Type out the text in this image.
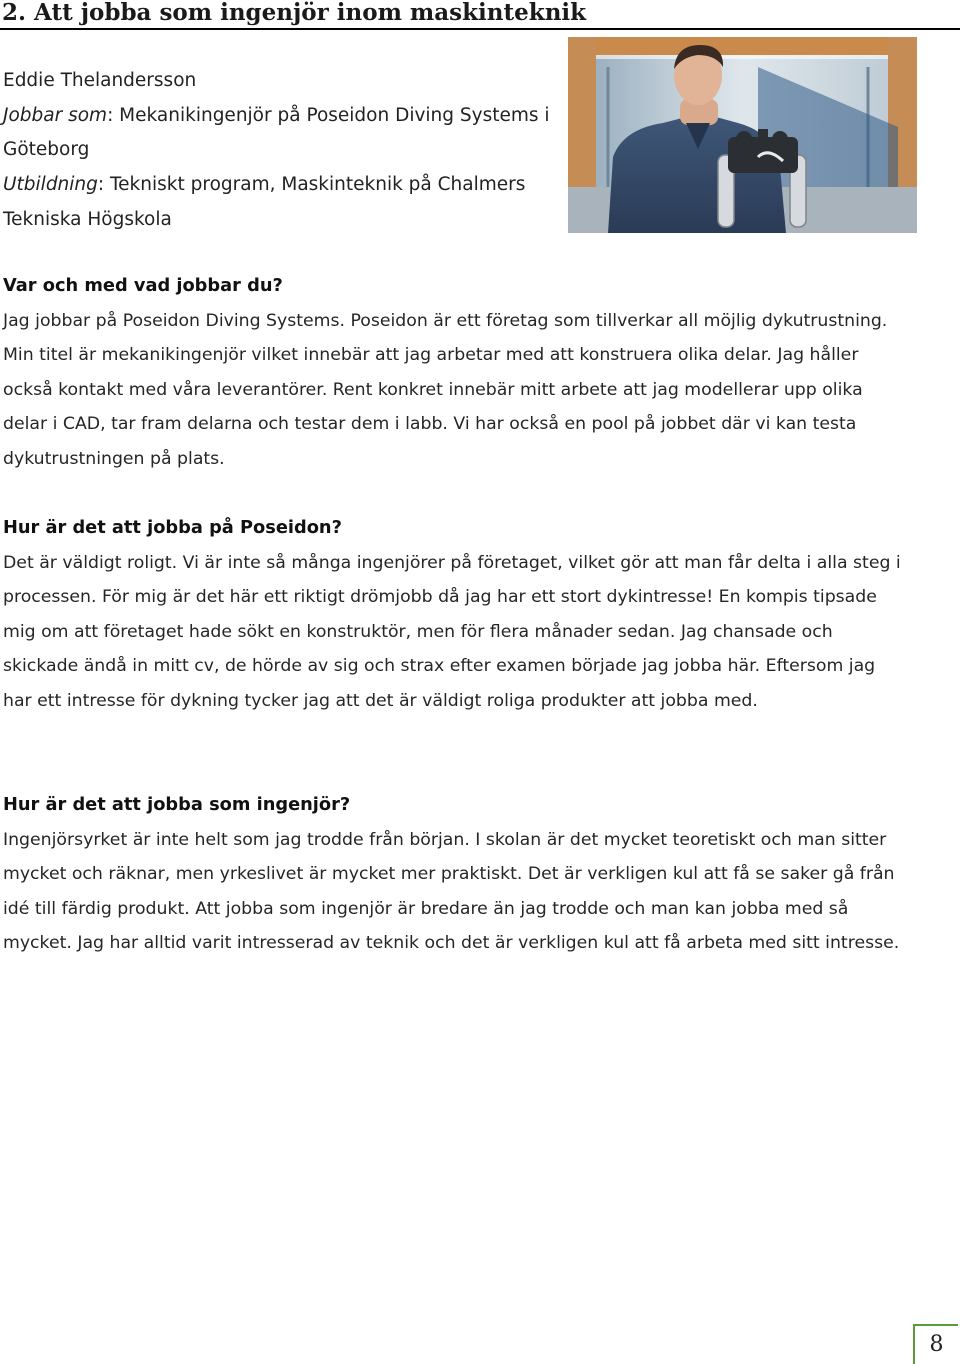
2. Att jobba som ingenjör inom maskinteknik

Eddie Thelandersson

Jobbar som: Mekanikingenjör på Poseidon Diving Systems i Göteborg

Utbildning: Tekniskt program, Maskinteknik på Chalmers Tekniska Högskola

Var och med vad jobbar du?

Jag jobbar på Poseidon Diving Systems. Poseidon är ett företag som tillverkar all möjlig dykutrustning. Min titel är mekanikingenjör vilket innebär att jag arbetar med att konstruera olika delar. Jag håller också kontakt med våra leverantörer. Rent konkret innebär mitt arbete att jag modellerar upp olika delar i CAD, tar fram delarna och testar dem i labb. Vi har också en pool på jobbet där vi kan testa dykutrustningen på plats.

Hur är det att jobba på Poseidon?

Det är väldigt roligt. Vi är inte så många ingenjörer på företaget, vilket gör att man får delta i alla steg i processen. För mig är det här ett riktigt drömjobb då jag har ett stort dykintresse! En kompis tipsade mig om att företaget hade sökt en konstruktör, men för flera månader sedan. Jag chansade och skickade ändå in mitt cv, de hörde av sig och strax efter examen började jag jobba här. Eftersom jag har ett intresse för dykning tycker jag att det är väldigt roliga produkter att jobba med.

Hur är det att jobba som ingenjör?

Ingenjörsyrket är inte helt som jag trodde från början. I skolan är det mycket teoretiskt och man sitter mycket och räknar, men yrkeslivet är mycket mer praktiskt. Det är verkligen kul att få se saker gå från idé till färdig produkt. Att jobba som ingenjör är bredare än jag trodde och man kan jobba med så mycket. Jag har alltid varit intresserad av teknik och det är verkligen kul att få arbeta med sitt intresse.

8
